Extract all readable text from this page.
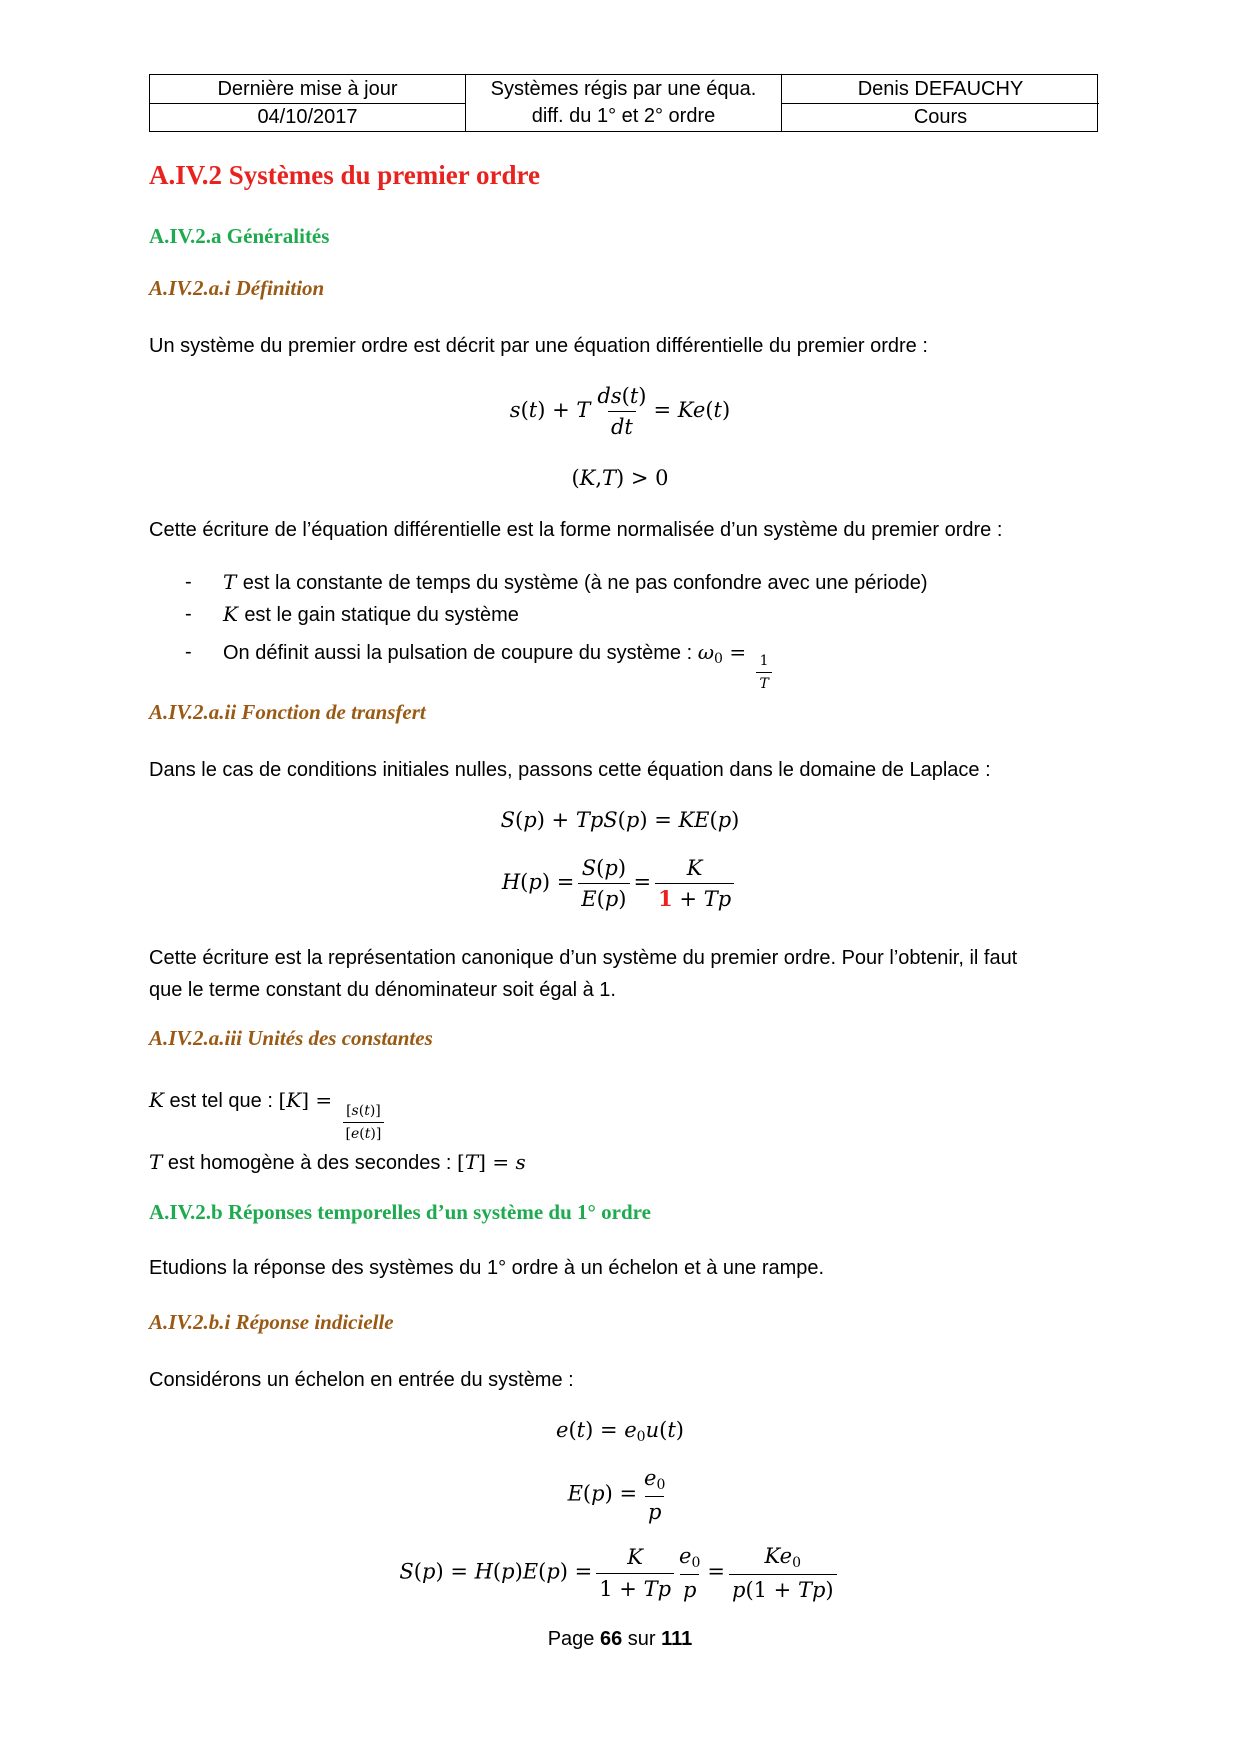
Dernière mise à jour
04/10/2017
Systèmes régis par une équa.
diff. du 1° et 2° ordre
Denis DEFAUCHY
Cours
A.IV.2 Systèmes du premier ordre
A.IV.2.a Généralités
A.IV.2.a.i Définition
Un système du premier ordre est décrit par une équation différentielle du premier ordre :
s(t) + T $\frac{ds(t)}{dt} = Ke(t)$
(K,T) > 0
Cette écriture de l’équation différentielle est la forme normalisée d’un système du premier ordre :
- T est la constante de temps du système (à ne pas confondre avec une période)
- K est le gain statique du système
- On définit aussi la pulsation de coupure du système : $\omega_0$ =
$\frac{1}{T}$
A.IV.2.a.ii Fonction de transfert
Dans le cas de conditions initiales nulles, passons cette équation dans le domaine de Laplace :
S(p) + TpS(p) = KE(p)
$H(p) = \frac{S(p)}{E(p)} = \frac{K}{1 + Tp}$
Cette écriture est la représentation canonique d’un système du premier ordre. Pour l’obtenir, il faut
que le terme constant du dénominateur soit égal à 1.
A.IV.2.a.iii Unités des constantes
K est tel que : [K] =
$\frac{[s(t)]}{[e(t)]}$
T est homogène à des secondes : [T] = s
A.IV.2.b Réponses temporelles d’un système du 1° ordre
Etudions la réponse des systèmes du 1° ordre à un échelon et à une rampe.
A.IV.2.b.i Réponse indicielle
Considérons un échelon en entrée du système :
e(t) = e0u(t)
$E(p) = \frac{e0}{p}$
$S(p) = H(p)E(p) = \frac{K}{1 + Tp} \frac{e0}{p} = \frac{Ke0}{p(1 + Tp)}$
Page 66 sur 111
